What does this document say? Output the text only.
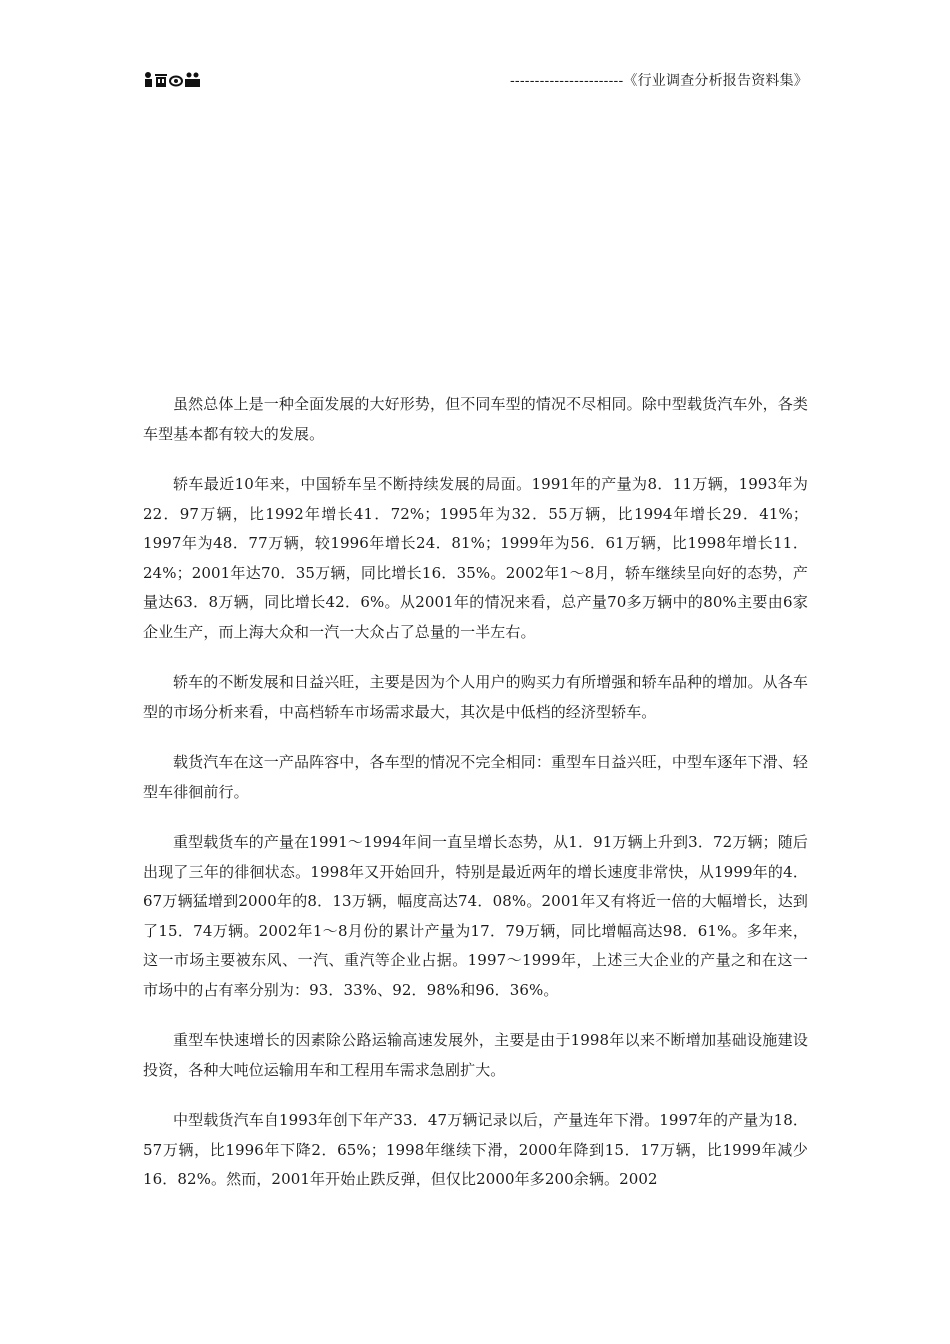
-----------------------《行业调查分析报告资料集》

虽然总体上是一种全面发展的大好形势，但不同车型的情况不尽相同。除中型载货汽车外，各类车型基本都有较大的发展。

轿车最近10年来，中国轿车呈不断持续发展的局面。1991年的产量为8．11万辆，1993年为22．97万辆，比1992年增长41．72%；1995年为32．55万辆，比1994年增长29．41%；1997年为48．77万辆，较1996年增长24．81%；1999年为56．61万辆，比1998年增长11．24%；2001年达70．35万辆，同比增长16．35%。2002年1～8月，轿车继续呈向好的态势，产量达63．8万辆，同比增长42．6%。从2001年的情况来看，总产量70多万辆中的80%主要由6家企业生产，而上海大众和一汽一大众占了总量的一半左右。

轿车的不断发展和日益兴旺，主要是因为个人用户的购买力有所增强和轿车品种的增加。从各车型的市场分析来看，中高档轿车市场需求最大，其次是中低档的经济型轿车。

载货汽车在这一产品阵容中，各车型的情况不完全相同：重型车日益兴旺，中型车逐年下滑、轻型车徘徊前行。

重型载货车的产量在1991～1994年间一直呈增长态势，从1．91万辆上升到3．72万辆；随后出现了三年的徘徊状态。1998年又开始回升，特别是最近两年的增长速度非常快，从1999年的4．67万辆猛增到2000年的8．13万辆，幅度高达74．08%。2001年又有将近一倍的大幅增长，达到了15．74万辆。2002年1～8月份的累计产量为17．79万辆，同比增幅高达98．61%。多年来，这一市场主要被东风、一汽、重汽等企业占据。1997～1999年，上述三大企业的产量之和在这一市场中的占有率分别为：93．33%、92．98%和96．36%。

重型车快速增长的因素除公路运输高速发展外，主要是由于1998年以来不断增加基础设施建设投资，各种大吨位运输用车和工程用车需求急剧扩大。

中型载货汽车自1993年创下年产33．47万辆记录以后，产量连年下滑。1997年的产量为18．57万辆，比1996年下降2．65%；1998年继续下滑，2000年降到15．17万辆，比1999年减少16．82%。然而，2001年开始止跌反弹，但仅比2000年多200余辆。2002
